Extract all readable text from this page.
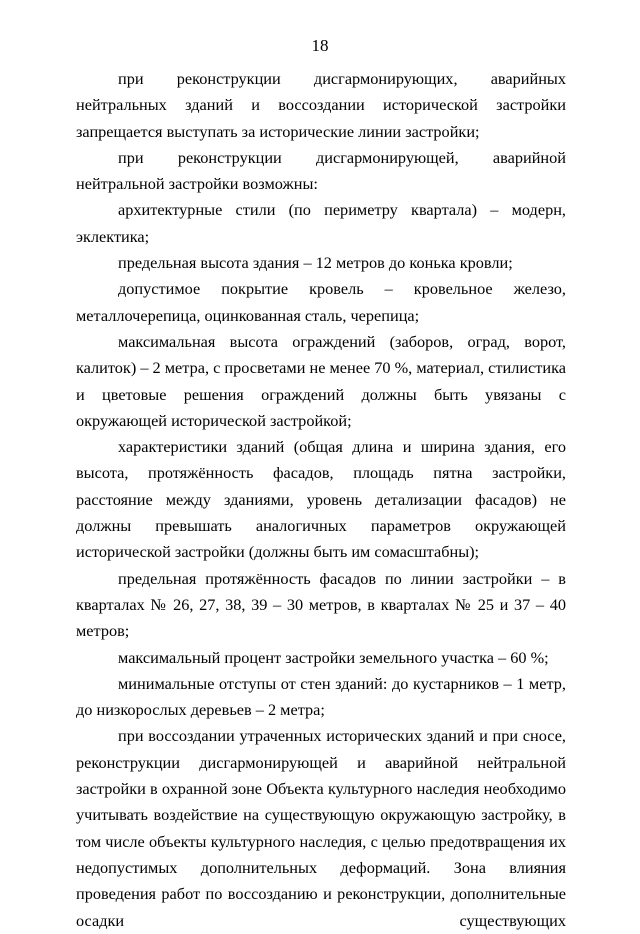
18

при реконструкции дисгармонирующих, аварийных нейтральных зданий и воссоздании исторической застройки запрещается выступать за исторические линии застройки;

при реконструкции дисгармонирующей, аварийной нейтральной застройки возможны:

архитектурные стили (по периметру квартала) – модерн, эклектика;

предельная высота здания – 12 метров до конька кровли;

допустимое покрытие кровель – кровельное железо, металлочерепица, оцинкованная сталь, черепица;

максимальная высота ограждений (заборов, оград, ворот, калиток) – 2 метра, с просветами не менее 70 %, материал, стилистика и цветовые решения ограждений должны быть увязаны с окружающей исторической застройкой;

характеристики зданий (общая длина и ширина здания, его высота, протяжённость фасадов, площадь пятна застройки, расстояние между зданиями, уровень детализации фасадов) не должны превышать аналогичных параметров окружающей исторической застройки (должны быть им сомасштабны);

предельная протяжённость фасадов по линии застройки – в кварталах № 26, 27, 38, 39 – 30 метров, в кварталах № 25 и 37 – 40 метров;

максимальный процент застройки земельного участка – 60 %;

минимальные отступы от стен зданий: до кустарников – 1 метр, до низкорослых деревьев – 2 метра;

при воссоздании утраченных исторических зданий и при сносе, реконструкции дисгармонирующей и аварийной нейтральной застройки в охранной зоне Объекта культурного наследия необходимо учитывать воздействие на существующую окружающую застройку, в том числе объекты культурного наследия, с целью предотвращения их недопустимых дополнительных деформаций. Зона влияния проведения работ по воссозданию и реконструкции, дополнительные осадки существующих
